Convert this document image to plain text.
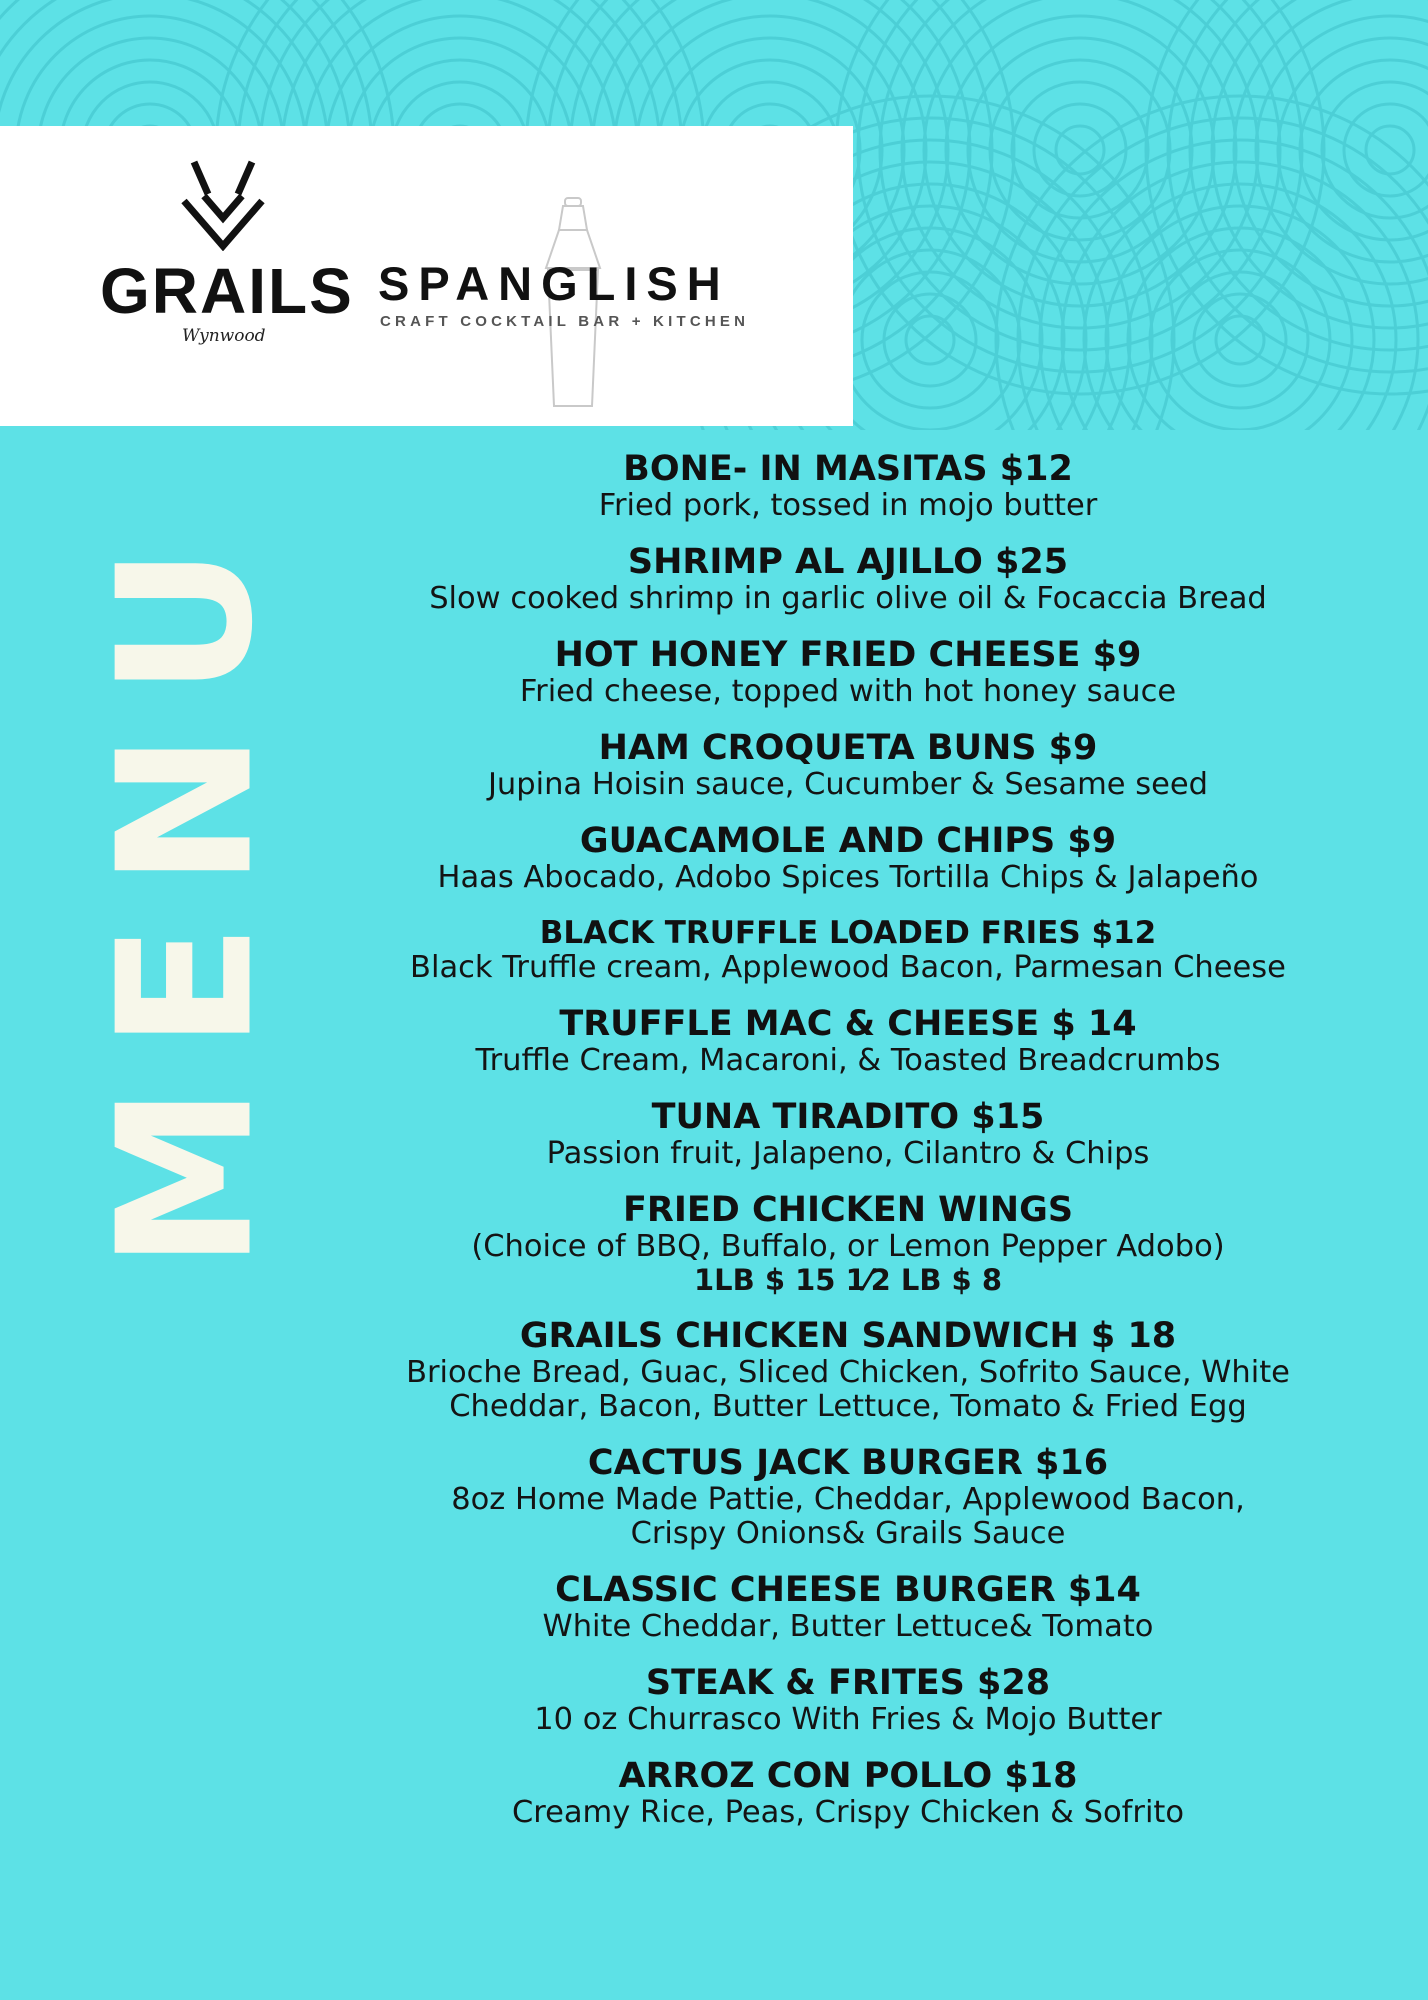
GRAILS
Wynwood
SPANGLISH
CRAFT COCKTAIL BAR + KITCHEN
MENU
BONE- IN MASITAS $12
Fried pork, tossed in mojo butter
SHRIMP AL AJILLO $25
Slow cooked shrimp in garlic olive oil & Focaccia Bread
HOT HONEY FRIED CHEESE $9
Fried cheese, topped with hot honey sauce
HAM CROQUETA BUNS $9
Jupina Hoisin sauce, Cucumber & Sesame seed
GUACAMOLE AND CHIPS $9
Haas Abocado, Adobo Spices Tortilla Chips & Jalapeño
BLACK TRUFFLE LOADED FRIES $12
Black Truffle cream, Applewood Bacon, Parmesan Cheese
TRUFFLE MAC & CHEESE $ 14
Truffle Cream, Macaroni, & Toasted Breadcrumbs
TUNA TIRADITO $15
Passion fruit, Jalapeno, Cilantro & Chips
FRIED CHICKEN WINGS
(Choice of BBQ, Buffalo, or Lemon Pepper Adobo)
1LB $ 15 1⁄2 LB $ 8
GRAILS CHICKEN SANDWICH $ 18
Brioche Bread, Guac, Sliced Chicken, Sofrito Sauce, White
Cheddar, Bacon, Butter Lettuce, Tomato & Fried Egg
CACTUS JACK BURGER $16
8oz Home Made Pattie, Cheddar, Applewood Bacon,
Crispy Onions& Grails Sauce
CLASSIC CHEESE BURGER $14
White Cheddar, Butter Lettuce& Tomato
STEAK & FRITES $28
10 oz Churrasco With Fries & Mojo Butter
ARROZ CON POLLO $18
Creamy Rice, Peas, Crispy Chicken & Sofrito
